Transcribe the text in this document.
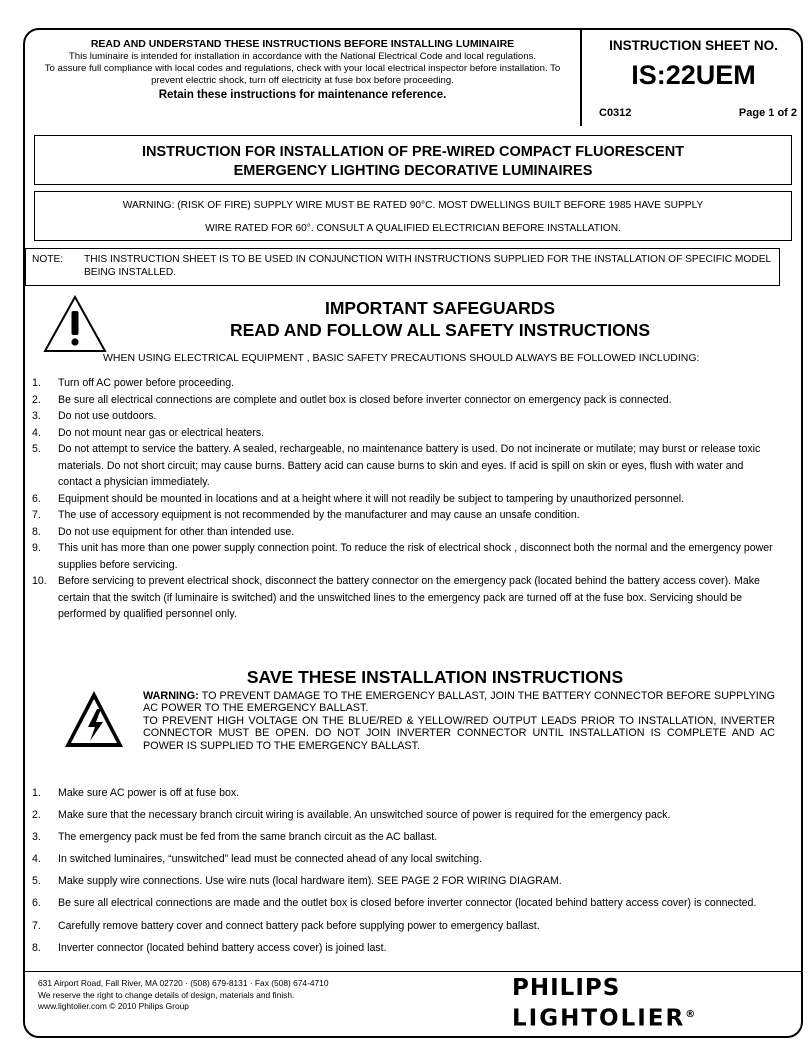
READ AND UNDERSTAND THESE INSTRUCTIONS BEFORE INSTALLING LUMINAIRE
This luminaire is intended for installation in accordance with the National Electrical Code and local regulations.
To assure full compliance with local codes and regulations, check with your local electrical inspector before installation. To prevent electric shock, turn off electricity at fuse box before proceeding.
Retain these instructions for maintenance reference.
INSTRUCTION SHEET NO.
IS:22UEM
C0312	Page 1 of 2
INSTRUCTION FOR INSTALLATION OF PRE-WIRED COMPACT FLUORESCENT
EMERGENCY LIGHTING DECORATIVE LUMINAIRES
WARNING: (RISK OF FIRE) SUPPLY WIRE MUST BE RATED 90°C. MOST DWELLINGS BUILT BEFORE 1985 HAVE SUPPLY
WIRE RATED FOR 60°. CONSULT A QUALIFIED ELECTRICIAN BEFORE INSTALLATION.
NOTE: THIS INSTRUCTION SHEET IS TO BE USED IN CONJUNCTION WITH INSTRUCTIONS SUPPLIED FOR THE INSTALLATION OF SPECIFIC MODEL BEING INSTALLED.
IMPORTANT SAFEGUARDS
READ AND FOLLOW ALL SAFETY INSTRUCTIONS
WHEN USING ELECTRICAL EQUIPMENT , BASIC SAFETY PRECAUTIONS SHOULD ALWAYS BE FOLLOWED INCLUDING:
1. Turn off AC power before proceeding.
2. Be sure all electrical connections are complete and outlet box is closed before inverter connector on emergency pack is connected.
3. Do not use outdoors.
4. Do not mount near gas or electrical heaters.
5. Do not attempt to service the battery. A sealed, rechargeable, no maintenance battery is used. Do not incinerate or mutilate; may burst or release toxic materials. Do not short circuit; may cause burns. Battery acid can cause burns to skin and eyes. If acid is spill on skin or eyes, flush with water and contact a physician immediately.
6. Equipment should be mounted in locations and at a height where it will not readily be subject to tampering by unauthorized personnel.
7. The use of accessory equipment is not recommended by the manufacturer and may cause an unsafe condition.
8. Do not use equipment for other than intended use.
9. This unit has more than one power supply connection point. To reduce the risk of electrical shock , disconnect both the normal and the emergency power supplies before servicing.
10. Before servicing to prevent electrical shock, disconnect the battery connector on the emergency pack (located behind the battery access cover). Make certain that the switch (if luminaire is switched) and the unswitched lines to the emergency pack are turned off at the fuse box. Servicing should be performed by qualified personnel only.
SAVE THESE INSTALLATION INSTRUCTIONS
WARNING: TO PREVENT DAMAGE TO THE EMERGENCY BALLAST, JOIN THE BATTERY CONNECTOR BEFORE SUPPLYING AC POWER TO THE EMERGENCY BALLAST.
TO PREVENT HIGH VOLTAGE ON THE BLUE/RED & YELLOW/RED OUTPUT LEADS PRIOR TO INSTALLATION, INVERTER CONNECTOR MUST BE OPEN. DO NOT JOIN INVERTER CONNECTOR UNTIL INSTALLATION IS COMPLETE AND AC POWER IS SUPPLIED TO THE EMERGENCY BALLAST.
1. Make sure AC power is off at fuse box.
2. Make sure that the necessary branch circuit wiring is available. An unswitched source of power is required for the emergency pack.
3. The emergency pack must be fed from the same branch circuit as the AC ballast.
4. In switched luminaires, “unswitched” lead must be connected ahead of any local switching.
5. Make supply wire connections. Use wire nuts (local hardware item). SEE PAGE 2 FOR WIRING DIAGRAM.
6. Be sure all electrical connections are made and the outlet box is closed before inverter connector (located behind battery access cover) is connected.
7. Carefully remove battery cover and connect battery pack before supplying power to emergency ballast.
8. Inverter connector (located behind battery access cover) is joined last.
631 Airport Road, Fall River, MA 02720 · (508) 679-8131 · Fax (508) 674-4710
We reserve the right to change details of design, materials and finish.
www.lightolier.com © 2010 Philips Group
PHILIPS
LIGHTOLIER®
